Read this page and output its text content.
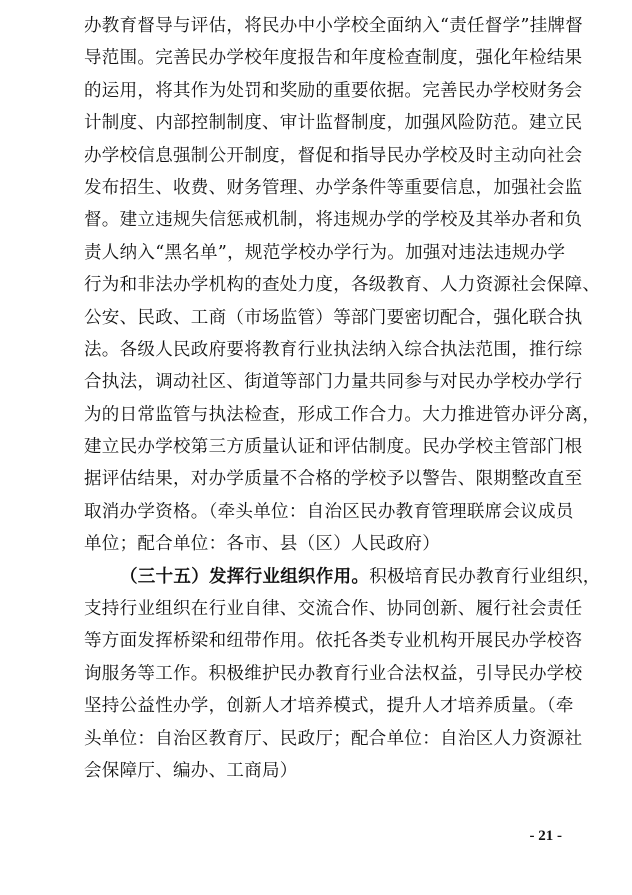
办教育督导与评估，将民办中小学校全面纳入“责任督学”挂牌督
导范围。完善民办学校年度报告和年度检查制度，强化年检结果
的运用，将其作为处罚和奖励的重要依据。完善民办学校财务会
计制度、内部控制制度、审计监督制度，加强风险防范。建立民
办学校信息强制公开制度，督促和指导民办学校及时主动向社会
发布招生、收费、财务管理、办学条件等重要信息，加强社会监
督。建立违规失信惩戒机制，将违规办学的学校及其举办者和负
责人纳入“黑名单”，规范学校办学行为。加强对违法违规办学
行为和非法办学机构的查处力度，各级教育、人力资源社会保障、
公安、民政、工商（市场监管）等部门要密切配合，强化联合执
法。各级人民政府要将教育行业执法纳入综合执法范围，推行综
合执法，调动社区、街道等部门力量共同参与对民办学校办学行
为的日常监管与执法检查，形成工作合力。大力推进管办评分离，
建立民办学校第三方质量认证和评估制度。民办学校主管部门根
据评估结果，对办学质量不合格的学校予以警告、限期整改直至
取消办学资格。（牵头单位：自治区民办教育管理联席会议成员
单位；配合单位：各市、县（区）人民政府）
（三十五）发挥行业组织作用。积极培育民办教育行业组织，
支持行业组织在行业自律、交流合作、协同创新、履行社会责任
等方面发挥桥梁和纽带作用。依托各类专业机构开展民办学校咨
询服务等工作。积极维护民办教育行业合法权益，引导民办学校
坚持公益性办学，创新人才培养模式，提升人才培养质量。（牵
头单位：自治区教育厅、民政厅；配合单位：自治区人力资源社
会保障厅、编办、工商局）
- 21 -
